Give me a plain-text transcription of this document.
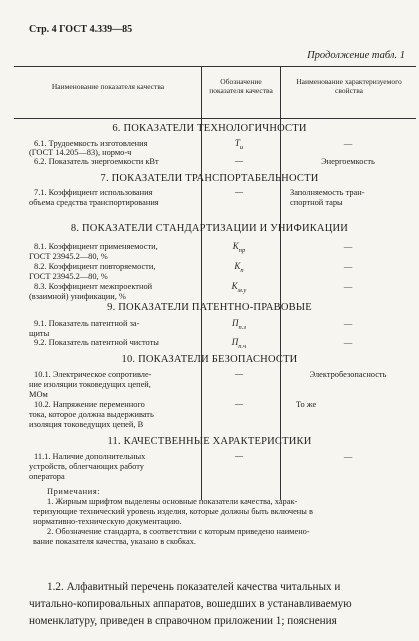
Стр. 4 ГОСТ 4.339—85
Продолжение табл. 1
Наименование показателя качества
Обозначение показателя качества
Наименование характеризуемого свойства
6. ПОКАЗАТЕЛИ ТЕХНОЛОГИЧНОСТИ
6.1. Трудоемкость изготовления
(ГОСТ 14.205—83), нормо-ч
$Т_и$	—
6.2. Показатель энергоемкости кВт	—	Энергоемкость
7. ПОКАЗАТЕЛИ ТРАНСПОРТАБЕЛЬНОСТИ
7.1. Коэффициент использования
объема средства транспортирования
—	Заполняемость тран-
спортной тары
8. ПОКАЗАТЕЛИ СТАНДАРТИЗАЦИИ И УНИФИКАЦИИ
8.1. Коэффициент применяемости,
ГОСТ 23945.2—80, %
$К_{пр}$	—
8.2. Коэффициент повторяемости,
ГОСТ 23945.2—80, %
$К_п$	—
8.3. Коэффициент межпроектной
(взаимной) унификации, %
$К_{м.у}$	—
9. ПОКАЗАТЕЛИ ПАТЕНТНО-ПРАВОВЫЕ
9.1. Показатель патентной за-
щиты
$П_{п.з}$	—
9.2. Показатель патентной чистоты	$П_{п.ч}$	—
10. ПОКАЗАТЕЛИ БЕЗОПАСНОСТИ
10.1. Электрическое сопротивле-
ние изоляции токоведущих цепей,
МОм
—	Электробезопасность
10.2. Напряжение переменного
тока, которое должна выдерживать
изоляция токоведущих цепей, В
—	То же
11. КАЧЕСТВЕННЫЕ ХАРАКТЕРИСТИКИ
11.1. Наличие дополнительных
устройств, облегчающих работу
оператора
—	—
Примечания:
1. Жирным шрифтом выделены основные показатели качества, харак-
теризующие технический уровень изделия, которые должны быть включены в
нормативно-техническую документацию.
2. Обозначение стандарта, в соответствии с которым приведено наимено-
вание показателя качества, указано в скобках.
1.2. Алфавитный перечень показателей качества читальных и
читально-копировальных аппаратов, вошедших в устанавливаемую
номенклатуру, приведен в справочном приложении 1; пояснения
